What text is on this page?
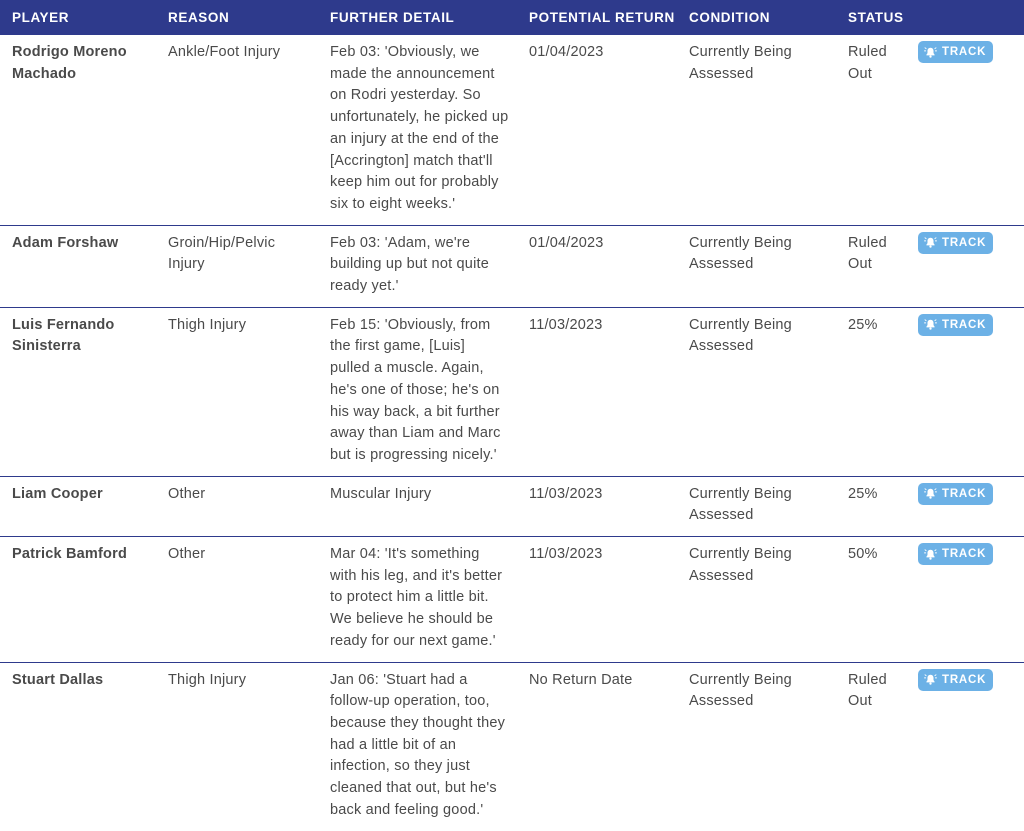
PLAYER	REASON	FURTHER DETAIL	POTENTIAL RETURN	CONDITION	STATUS	
Rodrigo Moreno Machado	Ankle/Foot Injury	Feb 03: 'Obviously, we made the announcement on Rodri yesterday. So unfortunately, he picked up an injury at the end of the [Accrington] match that'll keep him out for probably six to eight weeks.'	01/04/2023	Currently Being Assessed	Ruled Out	TRACK

Adam Forshaw	Groin/Hip/Pelvic Injury	Feb 03: 'Adam, we're building up but not quite ready yet.'	01/04/2023	Currently Being Assessed	Ruled Out	TRACK

Luis Fernando Sinisterra	Thigh Injury	Feb 15: 'Obviously, from the first game, [Luis] pulled a muscle. Again, he's one of those; he's on his way back, a bit further away than Liam and Marc but is progressing nicely.'	11/03/2023	Currently Being Assessed	25%	TRACK

Liam Cooper	Other	Muscular Injury	11/03/2023	Currently Being Assessed	25%	TRACK

Patrick Bamford	Other	Mar 04: 'It's something with his leg, and it's better to protect him a little bit. We believe he should be ready for our next game.'	11/03/2023	Currently Being Assessed	50%	TRACK

Stuart Dallas	Thigh Injury	Jan 06: 'Stuart had a follow-up operation, too, because they thought they had a little bit of an infection, so they just cleaned that out, but he's back and feeling good.'	No Return Date	Currently Being Assessed	Ruled Out	TRACK
